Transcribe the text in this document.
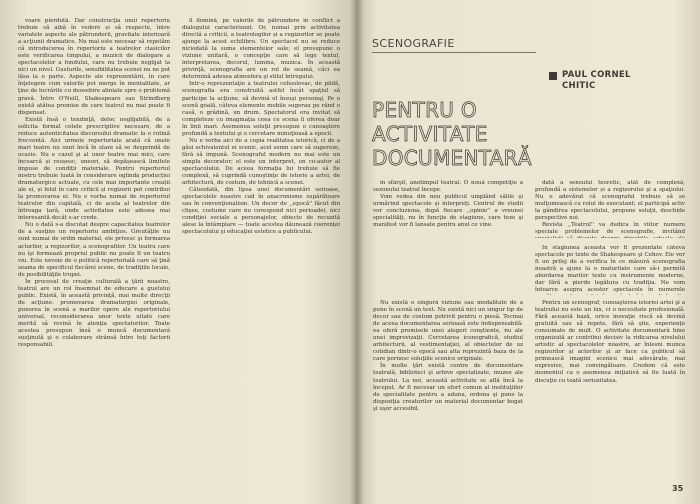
voare pierdută. Dar construcţia unui repertoriu trebuie să aibă în vedere și să respecte, între variatele aspecte ale pătrunderii, gravitate interioară a acţiunii dramatice. Nu mai este necesar să repetăm că introducerea în repertoriu a teatrelor clasicilor este verificarea timpului, a muzicii de dialogare a spectacolelor a fondului, care nu trebuie neglijat la nici un nivel. Gusturile, sensibilitatea scenei nu ne pot lăsa la o parte. Aspecte ale reprezentării, în care înţelegem cum valorile pot merge în mentalitate, ar ţine de lucrările cu deosebire aliniate spre o problemă gravă. Între O'Neill, Shakespeare sau Strindberg există atâtea premise de care teatrul nu mai poate fi dispensat.

Există însă o tendinţă, deloc neglijabilă, de a solicita formal cotele prescriptive necesare, de a reduce autenticitatea discursului dramatic la o rutină frecventă. Aici urmele repertoriale arată că unele mari teatre nu sunt încă în stare să se desprindă de ocazie. Nu e cazul şi al unor teatre mai mici, care încearcă și reușesc, uneori, să depășească limitele impuse de condiții materiale. Pentru repertoriul nostru trebuie luată în considerare oglinda producției dramaturgice actuale, cu cele mai importante creații ale ei, și felul în care criticii și regizorii pot contribui la promovarea ei. Nu e vorba numai de repertoriul teatrelor din capitală, ci de acela al teatrelor din întreaga țară, unde activitatea este adesea mai interesantă decât s-ar crede.

Nu o dată s-a discutat despre capacitatea teatrelor de a susţine un repertoriu ambiţios. Greutăţile nu sunt numai de ordin material, ele privesc şi formarea actorilor, a regizorilor, a scenografilor. Un teatru care nu îşi formează propriul public nu poate fi un teatru viu. Este nevoie de o politică repertorială care să ţină seama de specificul fiecărei scene, de tradiţiile locale, de posibilităţile trupei.

În procesul de creaţie culturală a ţării noastre, teatrul are un rol însemnat de educare a gustului public. Există, în această privinţă, mai multe direcţii de acţiune: promovarea dramaturgiei originale, punerea în scenă a marilor opere ale repertoriului universal, reconsiderarea unor texte uitate care merită să revină în atenţia spectatorilor. Toate acestea presupun însă o muncă documentară susţinută şi o colaborare strânsă între toţi factorii responsabili.

îl domină, pe valorile de pătrundere în conflict a dialogului caracterizant. Or, numai prin activitatea directă a criticii, a teatrologilor și a regizorilor se poate ajunge la acest echilibru. Un spectacol nu se reduce niciodată la suma elementelor sale; el presupune o viziune unitară, o concepţie care să lege textul, interpretarea, decorul, lumina, muzica. În această privinţă, scenografia are un rol de seamă, căci ea determină adesea atmosfera şi stilul întregului.

Intr-o reprezentaţie a teatrului cehoslovac, de pildă, scenografia era construită astfel încât spaţiul să participe la acţiune, să devină el însuşi personaj. Pe o scenă goală, câteva elemente mobile sugerau pe rând o casă, o grădină, un drum. Spectatorul era invitat să completeze cu imaginaţia ceea ce scena îi oferea doar în linii mari. Asemenea soluţii presupun o cunoaştere profundă a textului şi o cercetare minuţioasă a epocii.

Nu e vorba aici de a copia realitatea istorică, ci de a găsi echivalentul ei scenic, acel semn care să sugereze, fără să impună. Scenograful modern nu mai este un simplu decorator; el este un interpret, un co-autor al spectacolului. De aceea formaţia lui trebuie să fie complexă, să cuprindă cunoştinţe de istorie a artei, de arhitectură, de costum, de tehnică a scenei.

Câteodată, din lipsa unei documentări serioase, spectacolele noastre cad în anacronisme supărătoare sau în convenţionalism. Un decor de ,,epocă'' făcut din clişee, costume care nu corespund nici perioadei, nici condiţiei sociale a personajelor, obiecte de recuzită alese la întâmplare — toate acestea dăunează coerenţei spectacolului şi educaţiei estetice a publicului.

SCENOGRAFIE
PAUL CORNEL
CHITIC
PENTRU O ACTIVITATE
DOCUMENTARĂ

în sfârşit, anotimpul teatral. O nouă competiţie a sezonului teatral începe.

Vom vedea din nou publicul umplând sălile şi urmărind spectacole şi interpreţi. Centrul de studii vor concluziona, după fiecare ,,opinie'' a vreunei specialităţi, nu în funcţie de stagiune, care teze şi manifest vor fi lansate pentru anul ce vine.

dată a sensului teoretic, atât de complexă, profundă a sistemelor și a regizorului şi a spaţiului. Nu e adevărat că scenograful trebuie să se mulţumească cu rolul de executant; el participă activ la gândirea spectacolului, propune soluţii, deschide perspective noi.

Revista ,,Teatrul'' va dedica în viitor numere speciale problemelor de scenografie, invitând

În stagiunea aceasta vor fi prezentate câteva spectacole pe texte de Shakespeare şi Cehov. Ele vor fi un prilej de a verifica în ce măsură scenografia noastră a ajuns la o maturitate care să-i permită abordarea marilor texte cu instrumente moderne, dar fără a pierde legătura cu tradiţia. Ne vom întoarce asupra acestor spectacole în numerele

Nu există o singură viziune sau modalitate de a pune în scenă un text. Nu există nici un singur tip de decor sau de costum potrivit pentru o piesă. Tocmai de aceea documentarea serioasă este indispensabilă: ea oferă premisele unei alegeri conştiente, nu ale unei improvizaţii. Cercetarea iconografică, studiul arhitecturii, al vestimentaţiei, al obiectelor de uz cotidian dintr-o epocă sau alta reprezintă baza de la care pornesc soluţiile scenice originale.

În multe ţări există centre de documentare teatrală, biblioteci şi arhive specializate, muzee ale teatrului. La noi, această activitate se află încă la început. Ar fi necesar un efort comun al instituţiilor de specialitate pentru a aduna, ordona şi pune la dispoziţia creatorilor un material documentar bogat şi uşor accesibil.

Pentru un scenograf, cunoaşterea istoriei artei şi a teatrului nu este un lux, ci o necesitate profesională. Fără această bază, orice inovaţie riscă să devină gratuită sau să repete, fără să ştie, experienţe consumate de mult. O activitate documentară bine organizată ar contribui decisiv la ridicarea nivelului artistic al spectacolelor noastre, ar înlesni munca regizorilor şi actorilor şi ar face ca publicul să primească imagini scenice mai adevărate, mai expresive, mai convingătoare. Credem că este momentul ca o asemenea iniţiativă să fie luată în discuţie cu toată seriozitatea.

35
